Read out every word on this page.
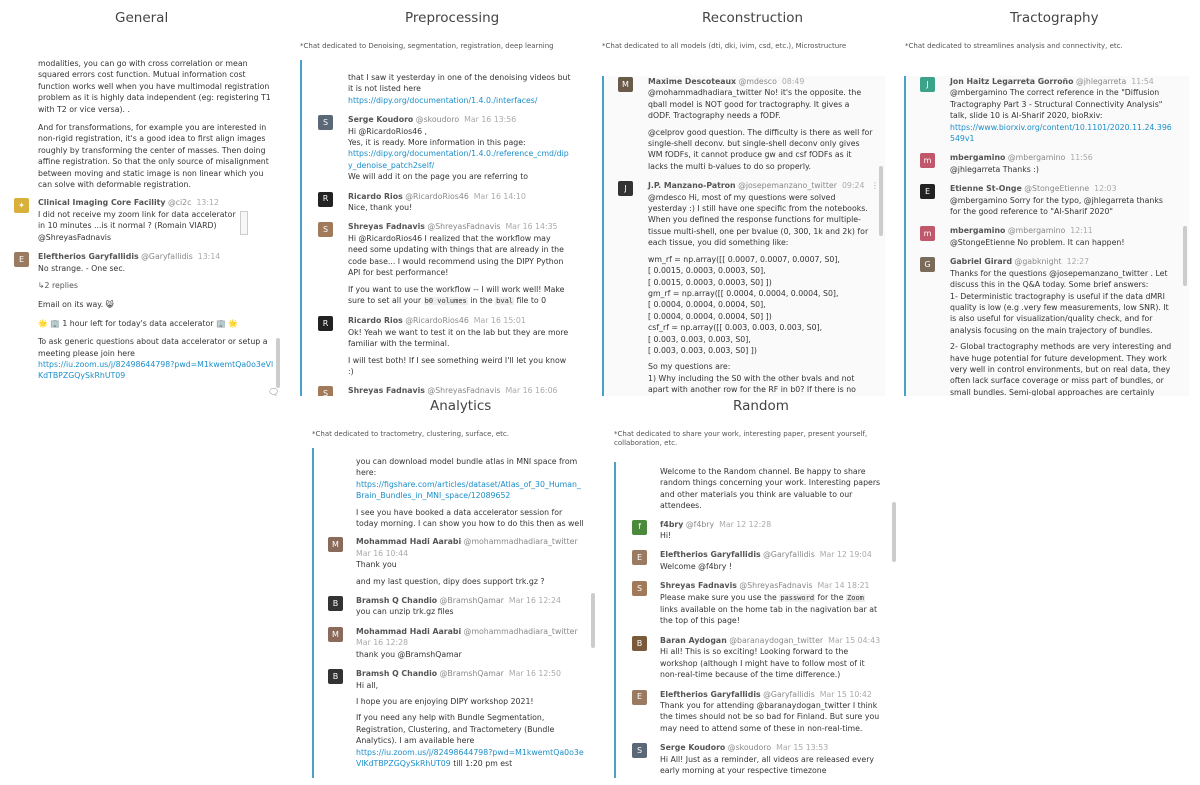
General	Preprocessing	Reconstruction	Tractography
Analytics	Random
*Chat dedicated to Denoising, segmentation, registration, deep learning	*Chat dedicated to all models (dti, dki, ivim, csd, etc.), Microstructure	*Chat dedicated to streamlines analysis and connectivity, etc.
*Chat dedicated to tractometry, clustering, surface, etc.	*Chat dedicated to share your work, interesting paper, present yourself, collaboration, etc.

modalities, you can go with cross correlation or mean squared errors cost function. Mutual information cost function works well when you have multimodal registration problem as it is highly data independent (eg: registering T1 with T2 or vice versa). .

And for transformations, for example you are interested in non-rigid registration, it's a good idea to first align images roughly by transforming the center of masses. Then doing affine registration. So that the only source of misalignment between moving and static image is non linear which you can solve with deformable registration.

✦	Clinical Imaging Core Facility @ci2c 13:12

I did not receive my zoom link for data accelerator in 10 minutes ...is it normal ? (Romain VIARD) @ShreyasFadnavis

E	Eleftherios Garyfallidis @Garyfallidis 13:14

No strange. - One sec.

↳2 replies

Email on its way. 😸

🌟 🏢 1 hour left for today's data accelerator 🏢 🌟

To ask generic questions about data accelerator or setup a meeting please join here

https://iu.zoom.us/j/82498644798?pwd=M1kwemtQa0o3eVlKdTBPZGQySkRhUT09

🗨

that I saw it yesterday in one of the denoising videos but it is not listed here

https://dipy.org/documentation/1.4.0./interfaces/

S	Serge Koudoro @skoudoro Mar 16 13:56

Hi @RicardoRios46 ,

Yes, it is ready. More information in this page:

https://dipy.org/documentation/1.4.0./reference_cmd/dipy_denoise_patch2self/

We will add it on the page you are referring to

R	Ricardo Rios @RicardoRios46 Mar 16 14:10

Nice, thank you!

S	Shreyas Fadnavis @ShreyasFadnavis Mar 16 14:35

Hi @RicardoRios46 I realized that the workflow may need some updating with things that are already in the code base... I would recommend using the DIPY Python API for best performance!

If you want to use the workflow -- I will work well! Make sure to set all your b0 volumes in the bval file to 0

R	Ricardo Rios @RicardoRios46 Mar 16 15:01

Ok! Yeah we want to test it on the lab but they are more familiar with the terminal.

I will test both! If I see something weird I'll let you know :)

S	Shreyas Fadnavis @ShreyasFadnavis Mar 16 16:06

M	Maxime Descoteaux @mdesco 08:49

@mohammadhadiara_twitter No! it's the opposite. the qball model is NOT good for tractography. It gives a dODF. Tractography needs a fODF.

@celprov good question. The difficulty is there as well for single-shell deconv. but single-shell deconv only gives WM fODFs, it cannot produce gw and csf fODFs as it lacks the multi b-values to do so properly.

J	J.P. Manzano-Patron @josepemanzano_twitter 09:24

@mdesco Hi, most of my questions were solved yesterday :) I still have one specific from the notebooks. When you defined the response functions for multiple-tissue multi-shell, one per bvalue (0, 300, 1k and 2k) for each tissue, you did something like:

wm_rf = np.array([[ 0.0007, 0.0007, 0.0007, S0],
[ 0.0015, 0.0003, 0.0003, S0],
[ 0.0015, 0.0003, 0.0003, S0] ])
gm_rf = np.array([[ 0.0004, 0.0004, 0.0004, S0],
[ 0.0004, 0.0004, 0.0004, S0],
[ 0.0004, 0.0004, 0.0004, S0] ])
csf_rf = np.array([[ 0.003, 0.003, 0.003, S0],
[ 0.003, 0.003, 0.003, S0],
[ 0.003, 0.003, 0.003, S0] ])

So my questions are:
1) Why including the S0 with the other bvals and not apart with another row for the RF in b0? If there is no

⋮
J	Jon Haitz Legarreta Gorroño @jhlegarreta 11:54

@mbergamino The correct reference in the "Diffusion Tractography Part 3 - Structural Connectivity Analysis" talk, slide 10 is Al-Sharif 2020, bioRxiv:

https://www.biorxiv.org/content/10.1101/2020.11.24.396549v1

m	mbergamino @mbergamino 11:56

@jhlegarreta Thanks :)

E	Etienne St-Onge @StongeEtienne 12:03

@mbergamino Sorry for the typo, @jhlegarreta thanks for the good reference to "Al-Sharif 2020"

m	mbergamino @mbergamino 12:11

@StongeEtienne No problem. It can happen!

G	Gabriel Girard @gabknight 12:27

Thanks for the questions @josepemanzano_twitter . Let discuss this in the Q&A today. Some brief answers:
1- Deterministic tractography is useful if the data dMRI quality is low (e.g .very few measurements, low SNR). It is also useful for visualization/quality check, and for analysis focusing on the main trajectory of bundles.

2- Global tractography methods are very interesting and have huge potential for future development. They work very well in control environments, but on real data, they often lack surface coverage or miss part of bundles, or small bundles. Semi-global approaches are certainly

you can download model bundle atlas in MNI space from here:

https://figshare.com/articles/dataset/Atlas_of_30_Human_Brain_Bundles_in_MNI_space/12089652

I see you have booked a data accelerator session for today morning. I can show you how to do this then as well

M	Mohammad Hadi Aarabi @mohammadhadiara_twitter
Mar 16 10:44

Thank you

and my last question, dipy does support trk.gz ?

B	Bramsh Q Chandio @BramshQamar Mar 16 12:24

you can unzip trk.gz files

M	Mohammad Hadi Aarabi @mohammadhadiara_twitter
Mar 16 12:28

thank you @BramshQamar

B	Bramsh Q Chandio @BramshQamar Mar 16 12:50

Hi all,

I hope you are enjoying DIPY workshop 2021!

If you need any help with Bundle Segmentation, Registration, Clustering, and Tractometery (Bundle Analytics). I am available here

https://iu.zoom.us/j/82498644798?pwd=M1kwemtQa0o3eVlKdTBPZGQySkRhUT09 till 1:20 pm est

Welcome to the Random channel. Be happy to share random things concerning your work. Interesting papers and other materials you think are valuable to our attendees.

f	f4bry @f4bry Mar 12 12:28

Hi!

E	Eleftherios Garyfallidis @Garyfallidis Mar 12 19:04

Welcome @f4bry !

S	Shreyas Fadnavis @ShreyasFadnavis Mar 14 18:21

Please make sure you use the password for the Zoom links available on the home tab in the nagivation bar at the top of this page!

B	Baran Aydogan @baranaydogan_twitter Mar 15 04:43

Hi all! This is so exciting! Looking forward to the workshop (although I might have to follow most of it non-real-time because of the time difference.)

E	Eleftherios Garyfallidis @Garyfallidis Mar 15 10:42

Thank you for attending @baranaydogan_twitter I think the times should not be so bad for Finland. But sure you may need to attend some of these in non-real-time.

S	Serge Koudoro @skoudoro Mar 15 13:53

Hi All! Just as a reminder, all videos are released every early morning at your respective timezone
